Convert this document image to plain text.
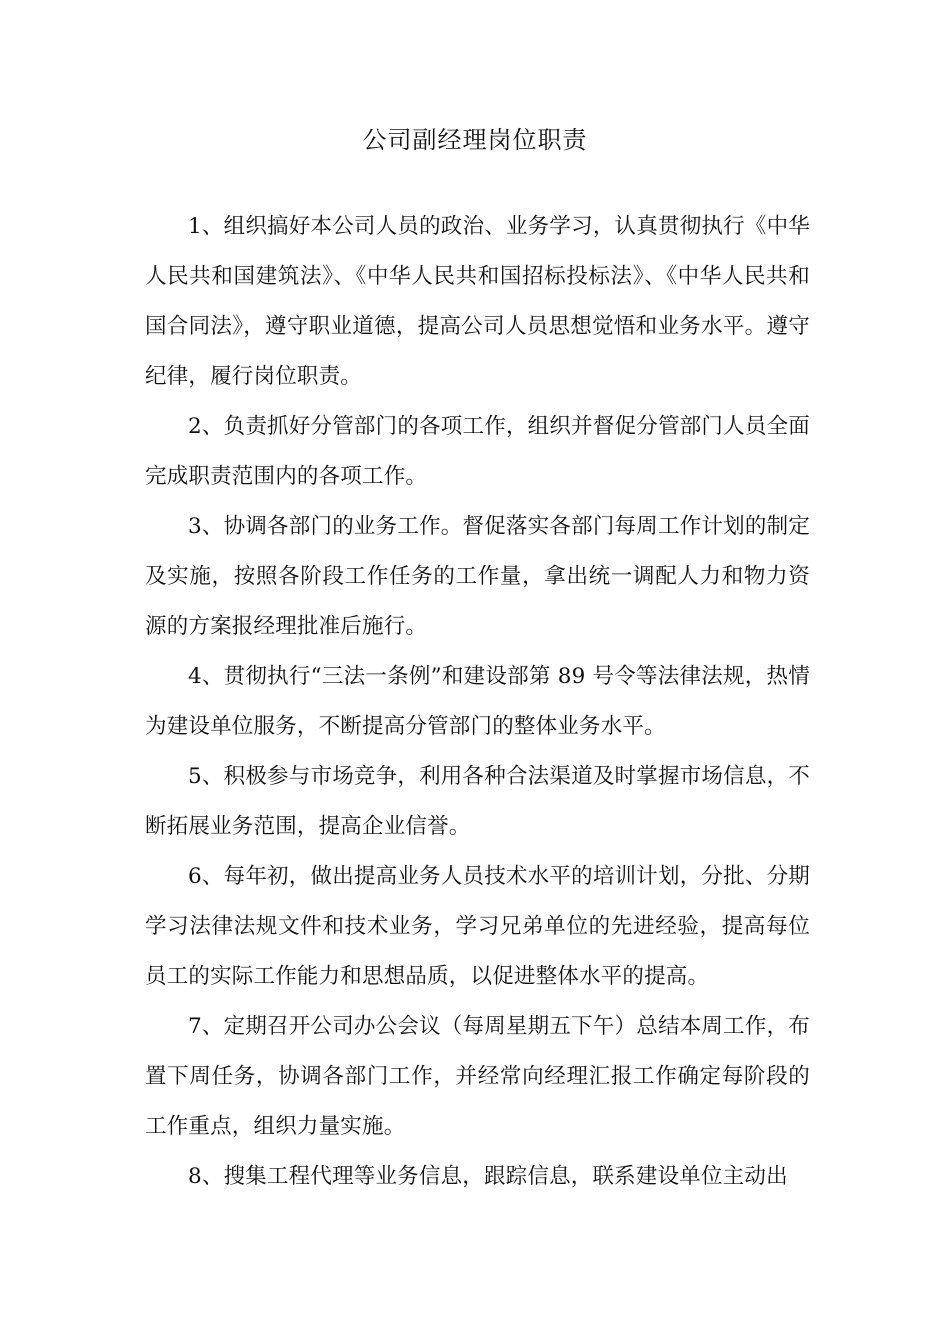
公司副经理岗位职责

1、组织搞好本公司人员的政治、业务学习，认真贯彻执行《中华人民共和国建筑法》、《中华人民共和国招标投标法》、《中华人民共和国合同法》，遵守职业道德，提高公司人员思想觉悟和业务水平。遵守纪律，履行岗位职责。

2、负责抓好分管部门的各项工作，组织并督促分管部门人员全面完成职责范围内的各项工作。

3、协调各部门的业务工作。督促落实各部门每周工作计划的制定及实施，按照各阶段工作任务的工作量，拿出统一调配人力和物力资源的方案报经理批准后施行。

4、贯彻执行“三法一条例”和建设部第 89 号令等法律法规，热情为建设单位服务，不断提高分管部门的整体业务水平。

5、积极参与市场竞争，利用各种合法渠道及时掌握市场信息，不断拓展业务范围，提高企业信誉。

6、每年初，做出提高业务人员技术水平的培训计划，分批、分期学习法律法规文件和技术业务，学习兄弟单位的先进经验，提高每位员工的实际工作能力和思想品质，以促进整体水平的提高。

7、定期召开公司办公会议（每周星期五下午）总结本周工作，布置下周任务，协调各部门工作，并经常向经理汇报工作确定每阶段的工作重点，组织力量实施。

8、搜集工程代理等业务信息，跟踪信息，联系建设单位主动出
